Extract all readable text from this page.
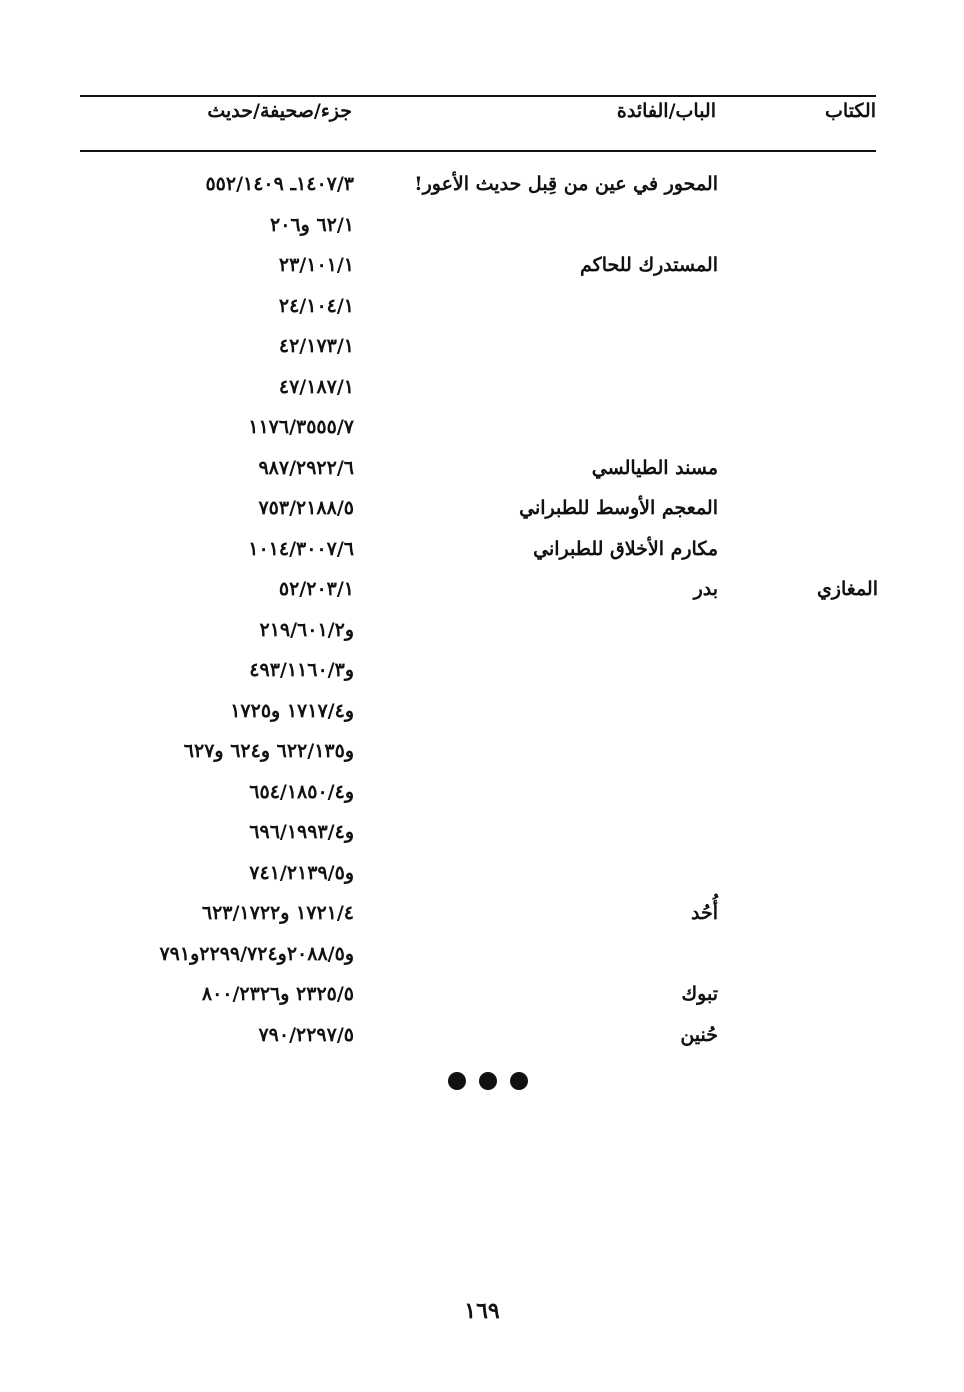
الكتاب
الباب/الفائدة
جزء/صحيفة/حديث
المحور في عين من قِبل حديث الأعور!
١٤٠٧/٣ـ ٥٥٢/١٤٠٩
٦٢/١ و٢٠٦
المستدرك للحاكم
٢٣/١٠١/١
٢٤/١٠٤/١
٤٢/١٧٣/١
٤٧/١٨٧/١
١١٧٦/٣٥٥٥/٧
مسند الطيالسي
٩٨٧/٢٩٢٢/٦
المعجم الأوسط للطبراني
٧٥٣/٢١٨٨/٥
مكارم الأخلاق للطبراني
١٠١٤/٣٠٠٧/٦
المغازي
بدر
٥٢/٢٠٣/١
و٢١٩/٦٠١/٢
و٤٩٣/١١٦٠/٣
و١٧١٧/٤ و١٧٢٥
و٦٢٢/١٣٥ و٦٢٤ و٦٢٧
و٦٥٤/١٨٥٠/٤
و٦٩٦/١٩٩٣/٤
و٧٤١/٢١٣٩/٥
أُحُد
١٧٢١/٤ و٦٢٣/١٧٢٢
و٢٠٨٨/٥و٢٢٩٩/٧٢٤و٧٩١
تبوك
٢٣٢٥/٥ و٨٠٠/٢٣٢٦
حُنين
٧٩٠/٢٢٩٧/٥
١٦٩
